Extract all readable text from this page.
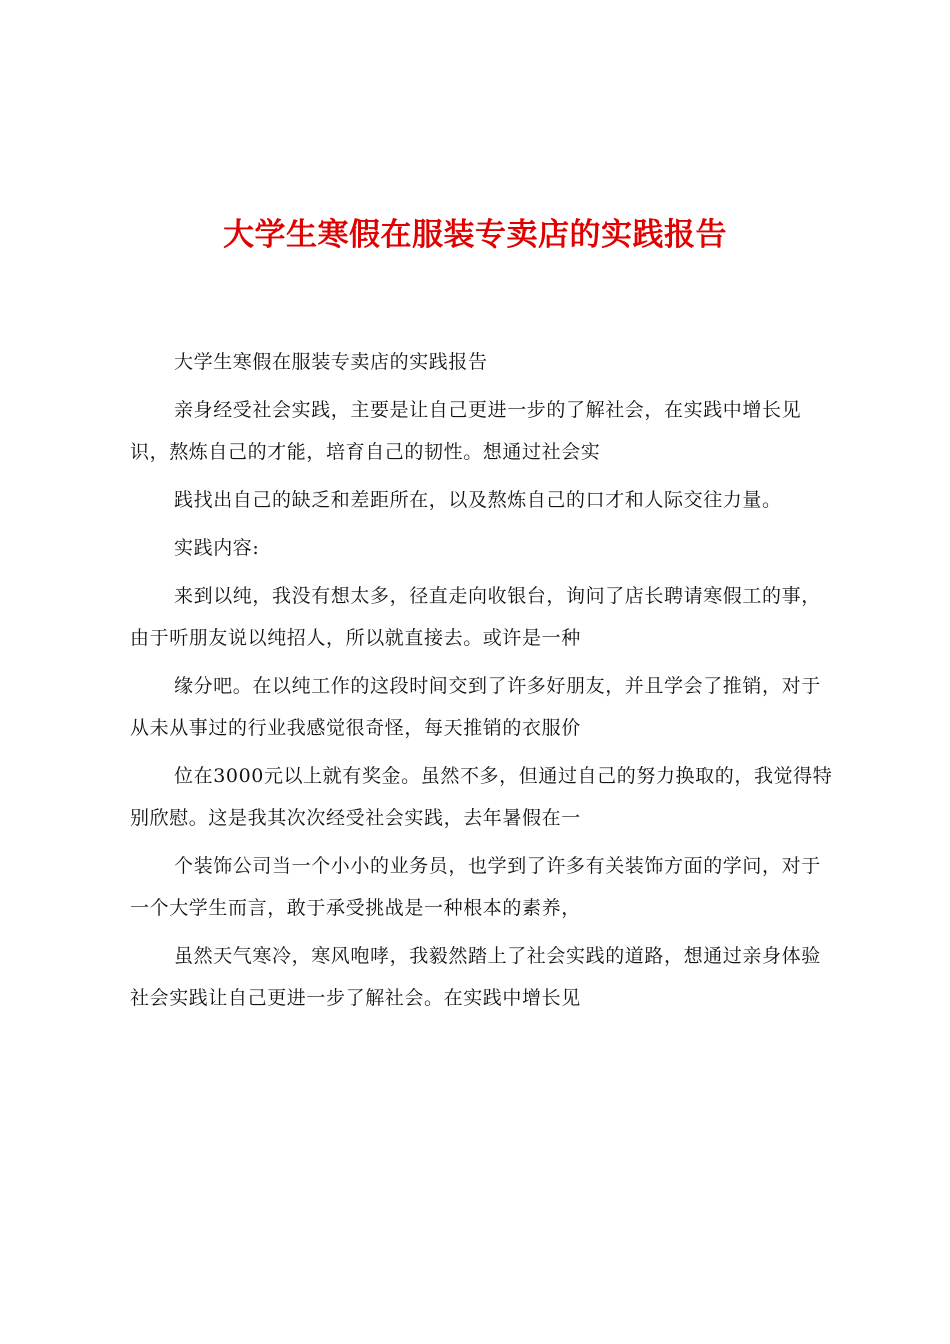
大学生寒假在服装专卖店的实践报告

大学生寒假在服装专卖店的实践报告

亲身经受社会实践，主要是让自己更进一步的了解社会，在实践中增长见识，熬炼自己的才能，培育自己的韧性。想通过社会实

践找出自己的缺乏和差距所在，以及熬炼自己的口才和人际交往力量。

实践内容:

来到以纯，我没有想太多，径直走向收银台，询问了店长聘请寒假工的事，由于听朋友说以纯招人，所以就直接去。或许是一种

缘分吧。在以纯工作的这段时间交到了许多好朋友，并且学会了推销，对于从未从事过的行业我感觉很奇怪，每天推销的衣服价

位在3000元以上就有奖金。虽然不多，但通过自己的努力换取的，我觉得特别欣慰。这是我其次次经受社会实践，去年暑假在一

个装饰公司当一个小小的业务员，也学到了许多有关装饰方面的学问，对于一个大学生而言，敢于承受挑战是一种根本的素养，

虽然天气寒冷，寒风咆哮，我毅然踏上了社会实践的道路，想通过亲身体验社会实践让自己更进一步了解社会。在实践中增长见
